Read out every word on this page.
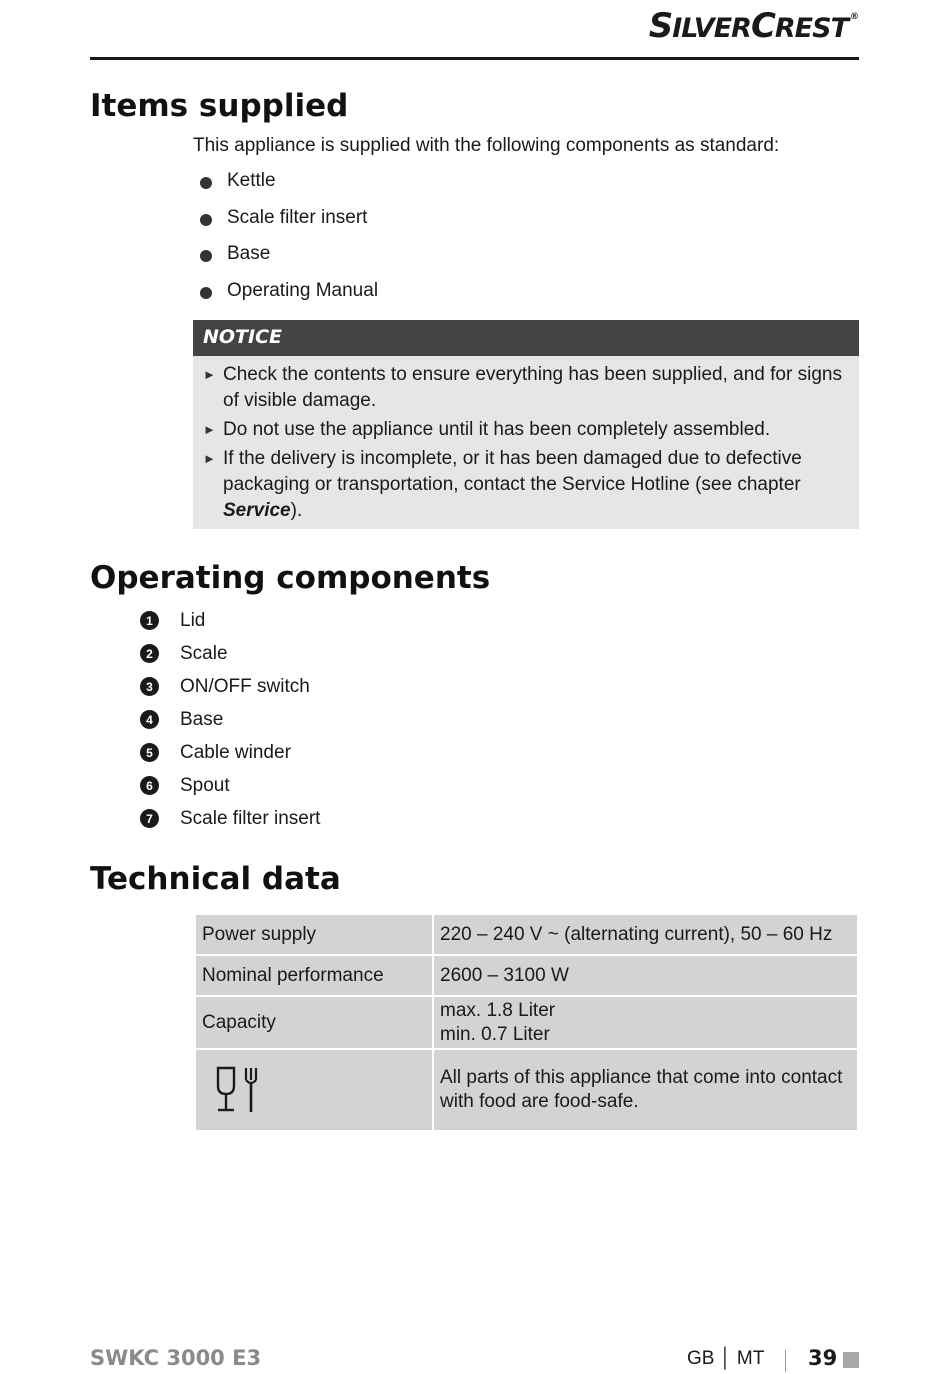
SILVERCREST ®
Items supplied

This appliance is supplied with the following components as standard:

Kettle
Scale filter insert
Base
Operating Manual
NOTICE
► Check the contents to ensure everything has been supplied, and for signs of visible damage.
► Do not use the appliance until it has been completely assembled.
► If the delivery is incomplete, or it has been damaged due to defective packaging or transportation, contact the Service Hotline (see chapter Service).
Operating components
1	Lid
2	Scale
3	ON/OFF switch
4	Base
5	Cable winder
6	Spout
7	Scale filter insert
Technical data
Power supply	220 – 240 V ~ (alternating current), 50 – 60 Hz
Nominal performance	2600 – 3100 W
Capacity	max. 1.8 Liter
min. 0.7 Liter

	All parts of this appliance that come into contact with food are food-safe.
SWKC 3000 E3	GB │ MT 39
